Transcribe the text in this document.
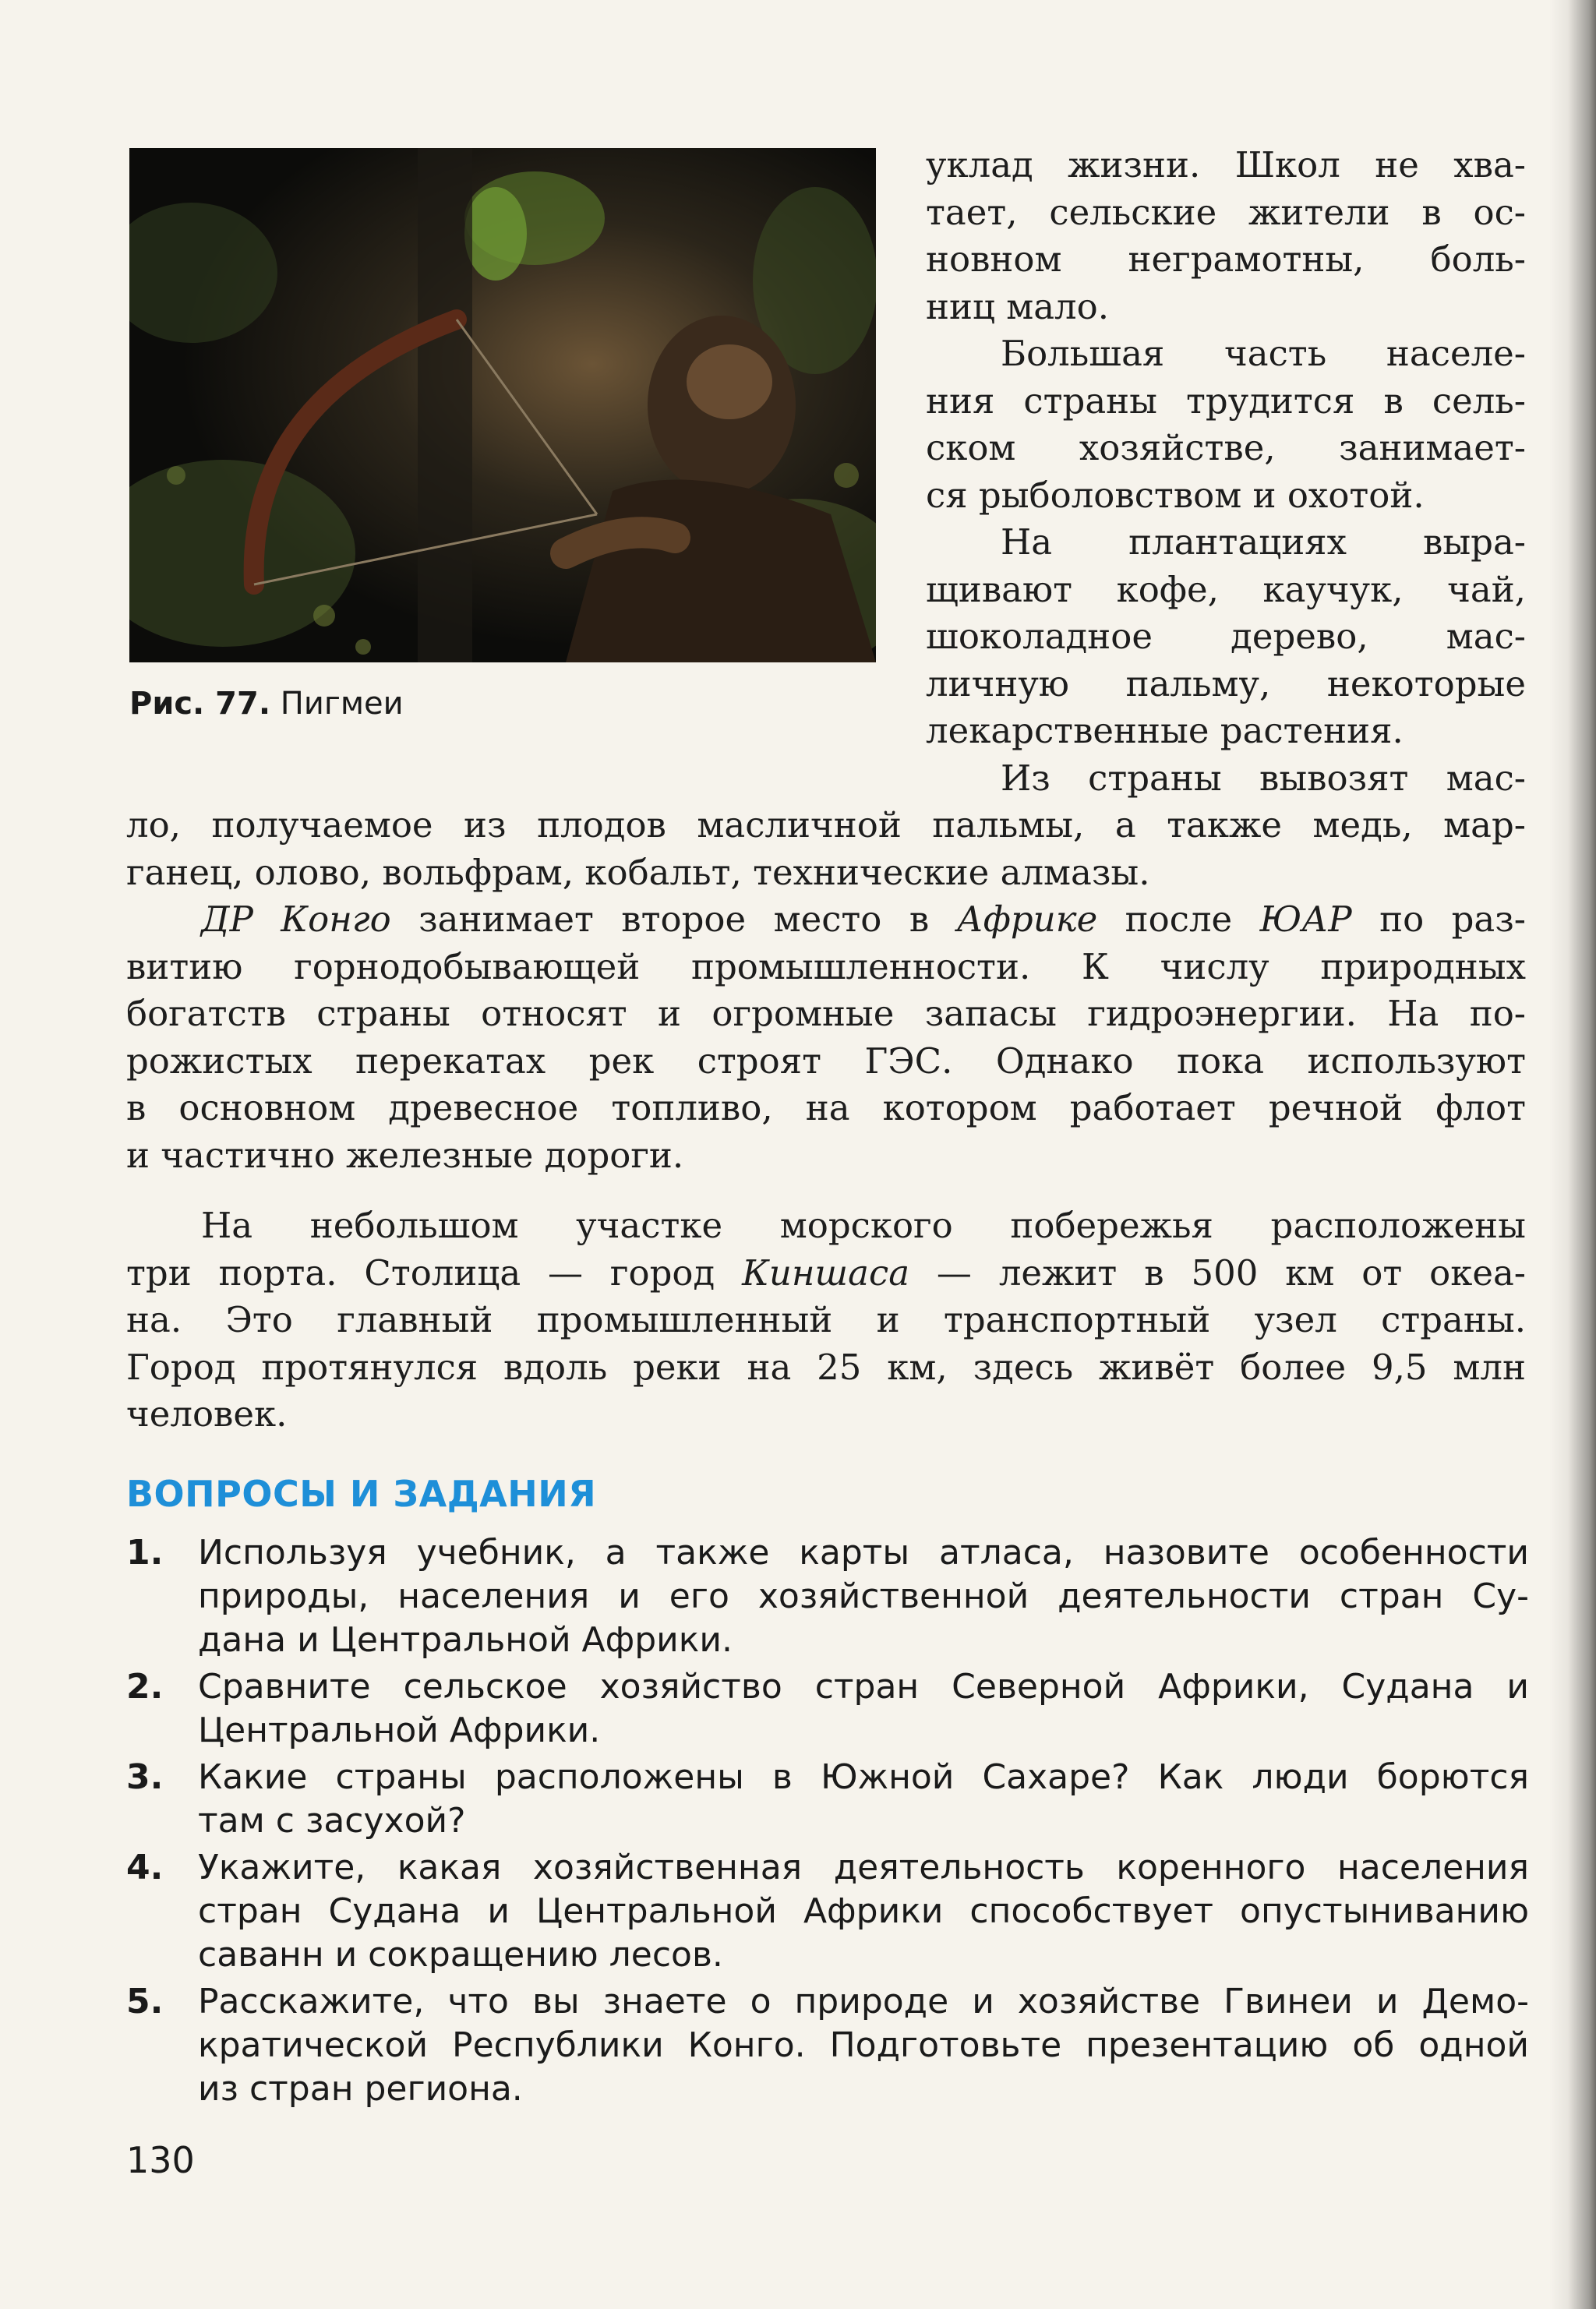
Рис. 77. Пигмеи
уклад жизни. Школ не хва-
тает, сельские жители в ос-
новном неграмотны, боль-
ниц мало.
Большая часть населе-
ния страны трудится в сель-
ском хозяйстве, занимает-
ся рыболовством и охотой.
На плантациях выра-
щивают кофе, каучук, чай,
шоколадное дерево, мас-
личную пальму, некоторые
лекарственные растения.
Из страны вывозят мас-
ло, получаемое из плодов масличной пальмы, а также медь, мар-
ганец, олово, вольфрам, кобальт, технические алмазы.
ДР Конго занимает второе место в Африке после ЮАР по раз-
витию горнодобывающей промышленности. К числу природных
богатств страны относят и огромные запасы гидроэнергии. На по-
рожистых перекатах рек строят ГЭС. Однако пока используют
в основном древесное топливо, на котором работает речной флот
и частично железные дороги.
На небольшом участке морского побережья расположены
три порта. Столица — город Киншаса — лежит в 500 км от океа-
на. Это главный промышленный и транспортный узел страны.
Город протянулся вдоль реки на 25 км, здесь живёт более 9,5 млн
человек.
ВОПРОСЫ И ЗАДАНИЯ
1. Используя учебник, а также карты атласа, назовите особенности
природы, населения и его хозяйственной деятельности стран Су-
дана и Центральной Африки.
2. Сравните сельское хозяйство стран Северной Африки, Судана и
Центральной Африки.
3. Какие страны расположены в Южной Сахаре? Как люди борются
там с засухой?
4. Укажите, какая хозяйственная деятельность коренного населения
стран Судана и Центральной Африки способствует опустыниванию
саванн и сокращению лесов.
5. Расскажите, что вы знаете о природе и хозяйстве Гвинеи и Демо-
кратической Республики Конго. Подготовьте презентацию об одной
из стран региона.
130
